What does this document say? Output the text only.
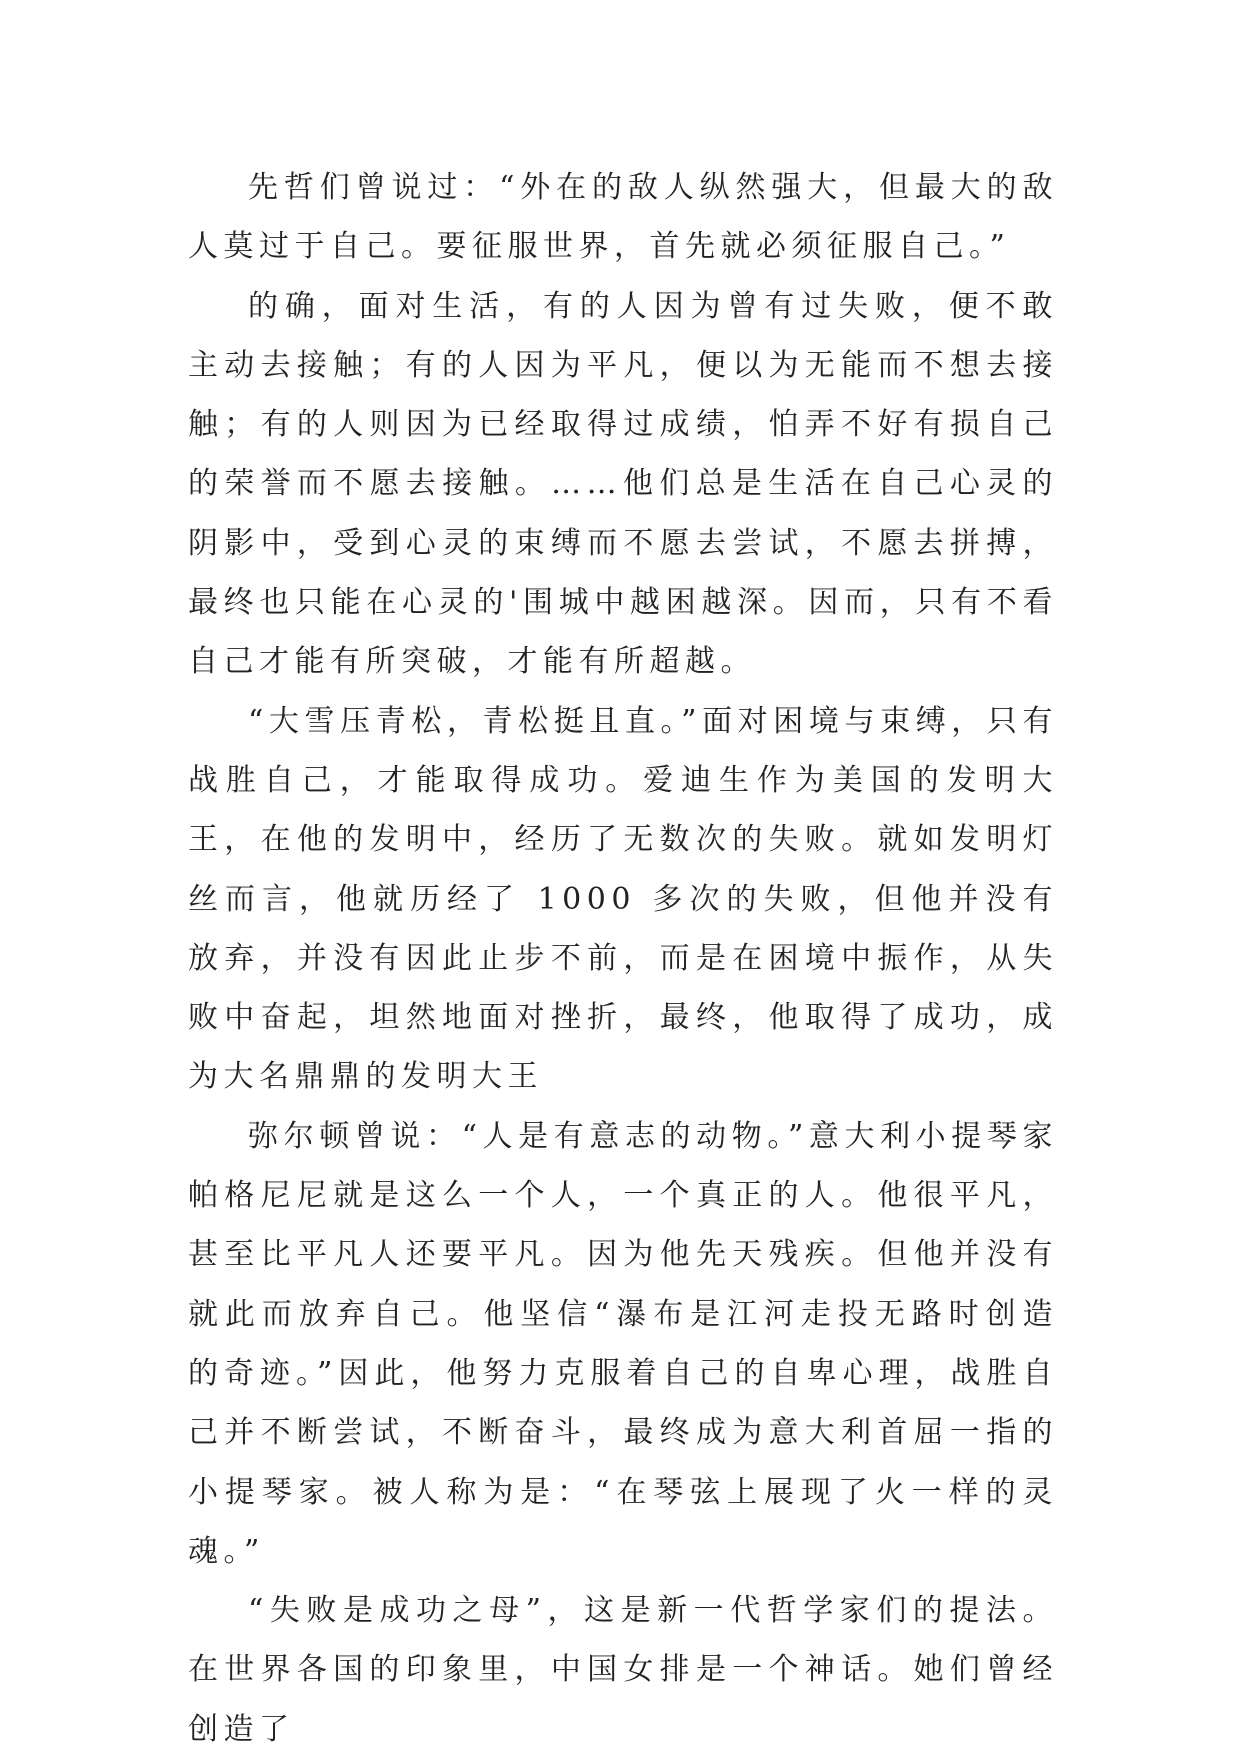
先哲们曾说过：“外在的敌人纵然强大，但最大的敌人莫过于自己。要征服世界，首先就必须征服自己。”

的确，面对生活，有的人因为曾有过失败，便不敢主动去接触；有的人因为平凡，便以为无能而不想去接触；有的人则因为已经取得过成绩，怕弄不好有损自己的荣誉而不愿去接触。……他们总是生活在自己心灵的阴影中，受到心灵的束缚而不愿去尝试，不愿去拼搏，最终也只能在心灵的'围城中越困越深。因而，只有不看自己才能有所突破，才能有所超越。

“大雪压青松，青松挺且直。”面对困境与束缚，只有战胜自己，才能取得成功。爱迪生作为美国的发明大王，在他的发明中，经历了无数次的失败。就如发明灯丝而言，他就历经了 1000 多次的失败，但他并没有放弃，并没有因此止步不前，而是在困境中振作，从失败中奋起，坦然地面对挫折，最终，他取得了成功，成为大名鼎鼎的发明大王

弥尔顿曾说：“人是有意志的动物。”意大利小提琴家帕格尼尼就是这么一个人，一个真正的人。他很平凡，甚至比平凡人还要平凡。因为他先天残疾。但他并没有就此而放弃自己。他坚信“瀑布是江河走投无路时创造的奇迹。”因此，他努力克服着自己的自卑心理，战胜自己并不断尝试，不断奋斗，最终成为意大利首屈一指的小提琴家。被人称为是：“在琴弦上展现了火一样的灵魂。”

“失败是成功之母”，这是新一代哲学家们的提法。在世界各国的印象里，中国女排是一个神话。她们曾经创造了
